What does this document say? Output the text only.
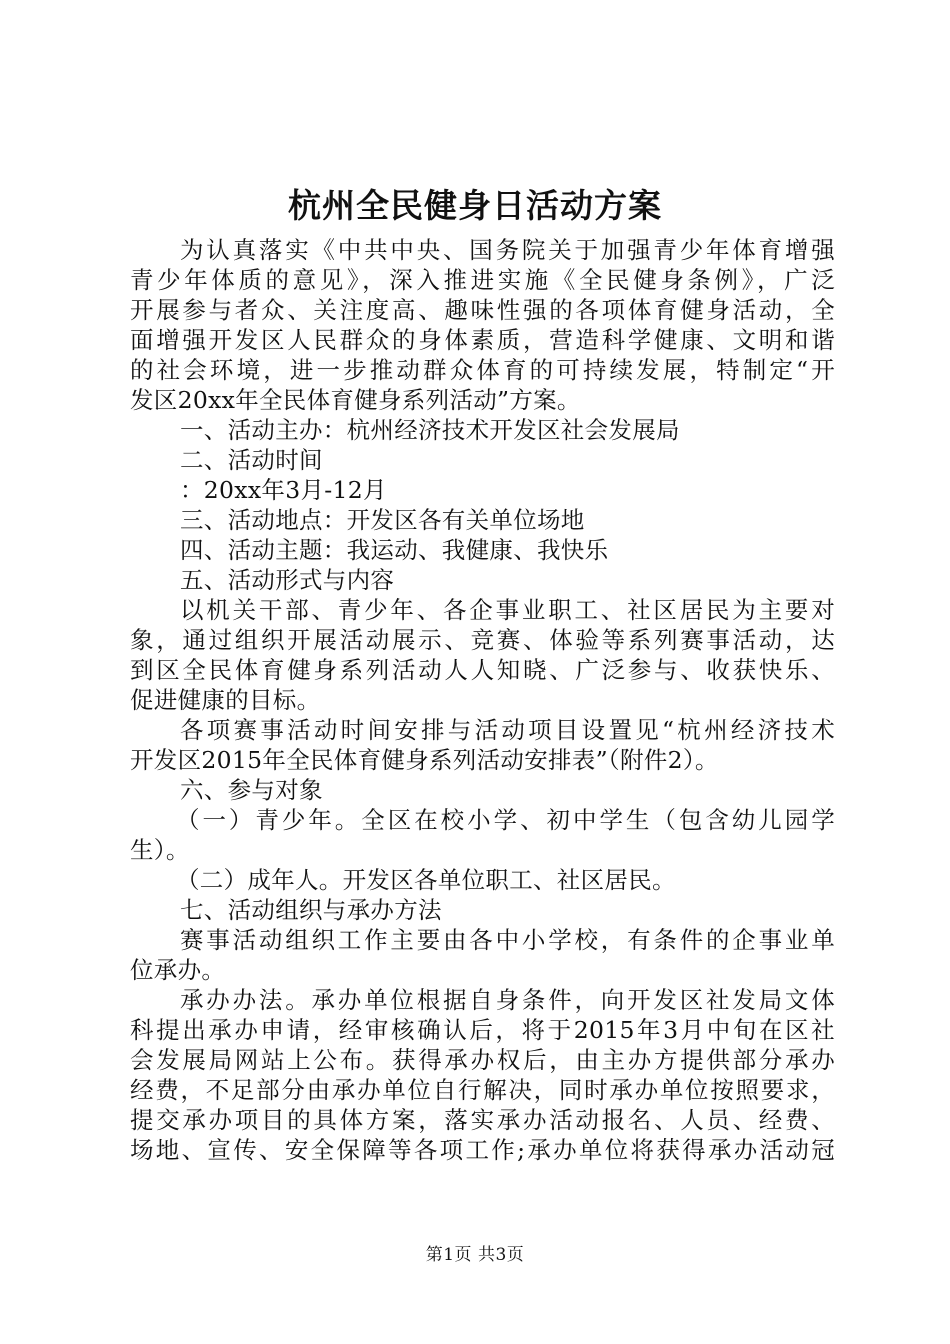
杭州全民健身日活动方案
为认真落实《中共中央、国务院关于加强青少年体育增强
青少年体质的意见》，深入推进实施《全民健身条例》，广泛
开展参与者众、关注度高、趣味性强的各项体育健身活动，全
面增强开发区人民群众的身体素质，营造科学健康、文明和谐
的社会环境，进一步推动群众体育的可持续发展，特制定“开
发区20xx年全民体育健身系列活动”方案。
一、活动主办：杭州经济技术开发区社会发展局
二、活动时间
：20xx年3月-12月
三、活动地点：开发区各有关单位场地
四、活动主题：我运动、我健康、我快乐
五、活动形式与内容
以机关干部、青少年、各企事业职工、社区居民为主要对
象，通过组织开展活动展示、竞赛、体验等系列赛事活动，达
到区全民体育健身系列活动人人知晓、广泛参与、收获快乐、
促进健康的目标。
各项赛事活动时间安排与活动项目设置见“杭州经济技术
开发区2015年全民体育健身系列活动安排表”（附件2）。
六、参与对象
（一）青少年。全区在校小学、初中学生（包含幼儿园学
生）。
（二）成年人。开发区各单位职工、社区居民。
七、活动组织与承办方法
赛事活动组织工作主要由各中小学校，有条件的企事业单
位承办。
承办办法。承办单位根据自身条件，向开发区社发局文体
科提出承办申请，经审核确认后，将于2015年3月中旬在区社
会发展局网站上公布。获得承办权后，由主办方提供部分承办
经费，不足部分由承办单位自行解决，同时承办单位按照要求，
提交承办项目的具体方案，落实承办活动报名、人员、经费、
场地、宣传、安全保障等各项工作;承办单位将获得承办活动冠
第1页 共3页
